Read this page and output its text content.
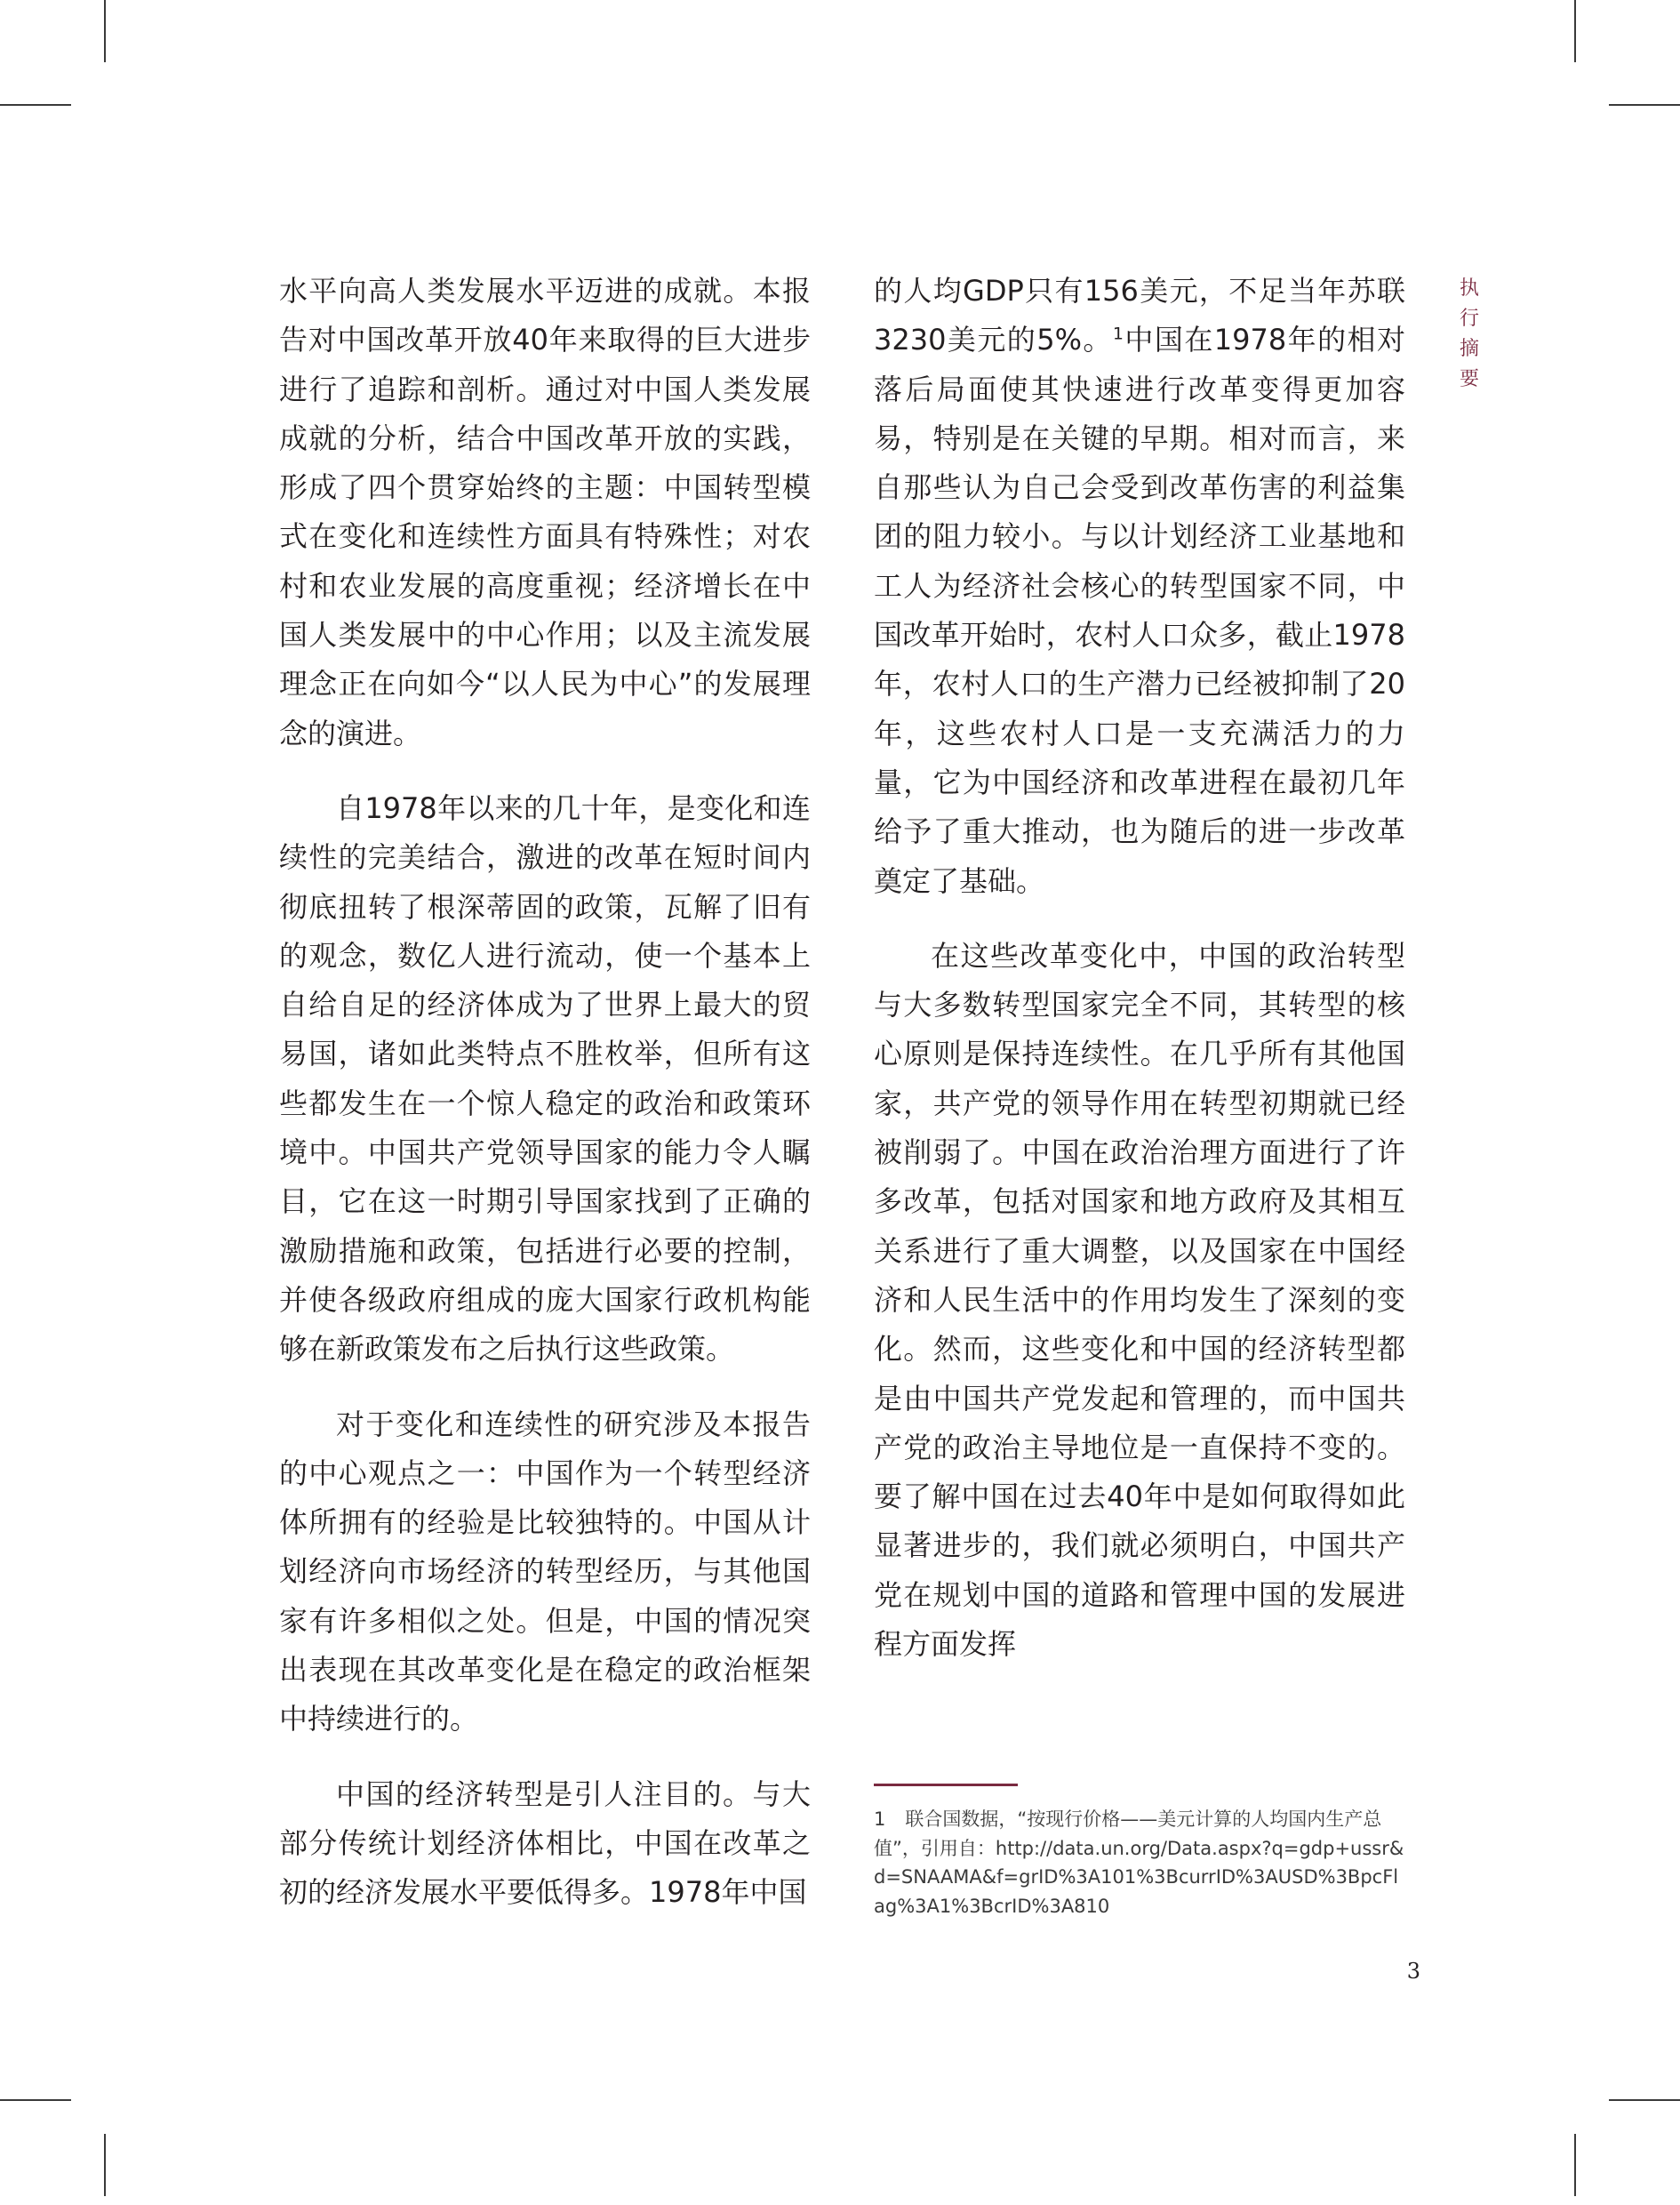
执
行
摘
要

水平向高人类发展水平迈进的成就。本报告对中国改革开放40年来取得的巨大进步进行了追踪和剖析。通过对中国人类发展成就的分析，结合中国改革开放的实践，形成了四个贯穿始终的主题：中国转型模式在变化和连续性方面具有特殊性；对农村和农业发展的高度重视；经济增长在中国人类发展中的中心作用；以及主流发展理念正在向如今“以人民为中心”的发展理念的演进。

自1978年以来的几十年，是变化和连续性的完美结合，激进的改革在短时间内彻底扭转了根深蒂固的政策，瓦解了旧有的观念，数亿人进行流动，使一个基本上自给自足的经济体成为了世界上最大的贸易国，诸如此类特点不胜枚举，但所有这些都发生在一个惊人稳定的政治和政策环境中。中国共产党领导国家的能力令人瞩目，它在这一时期引导国家找到了正确的激励措施和政策，包括进行必要的控制，并使各级政府组成的庞大国家行政机构能够在新政策发布之后执行这些政策。

对于变化和连续性的研究涉及本报告的中心观点之一：中国作为一个转型经济体所拥有的经验是比较独特的。中国从计划经济向市场经济的转型经历，与其他国家有许多相似之处。但是，中国的情况突出表现在其改革变化是在稳定的政治框架中持续进行的。

中国的经济转型是引人注目的。与大部分传统计划经济体相比，中国在改革之初的经济发展水平要低得多。1978年中国

的人均GDP只有156美元，不足当年苏联3230美元的5%。$^1$中国在1978年的相对落后局面使其快速进行改革变得更加容易，特别是在关键的早期。相对而言，来自那些认为自己会受到改革伤害的利益集团的阻力较小。与以计划经济工业基地和工人为经济社会核心的转型国家不同，中国改革开始时，农村人口众多，截止1978年，农村人口的生产潜力已经被抑制了20年，这些农村人口是一支充满活力的力量，它为中国经济和改革进程在最初几年给予了重大推动，也为随后的进一步改革奠定了基础。

在这些改革变化中，中国的政治转型与大多数转型国家完全不同，其转型的核心原则是保持连续性。在几乎所有其他国家，共产党的领导作用在转型初期就已经被削弱了。中国在政治治理方面进行了许多改革，包括对国家和地方政府及其相互关系进行了重大调整，以及国家在中国经济和人民生活中的作用均发生了深刻的变化。然而，这些变化和中国的经济转型都是由中国共产党发起和管理的，而中国共产党的政治主导地位是一直保持不变的。要了解中国在过去40年中是如何取得如此显著进步的，我们就必须明白，中国共产党在规划中国的道路和管理中国的发展进程方面发挥

1 联合国数据，“按现行价格——美元计算的人均国内生产总值”，引用自：http://data.un.org/Data.aspx?q=gdp+ussr&d=SNAAMA&f=grID%3A101%3BcurrID%3AUSD%3BpcFlag%3A1%3BcrID%3A810
3
